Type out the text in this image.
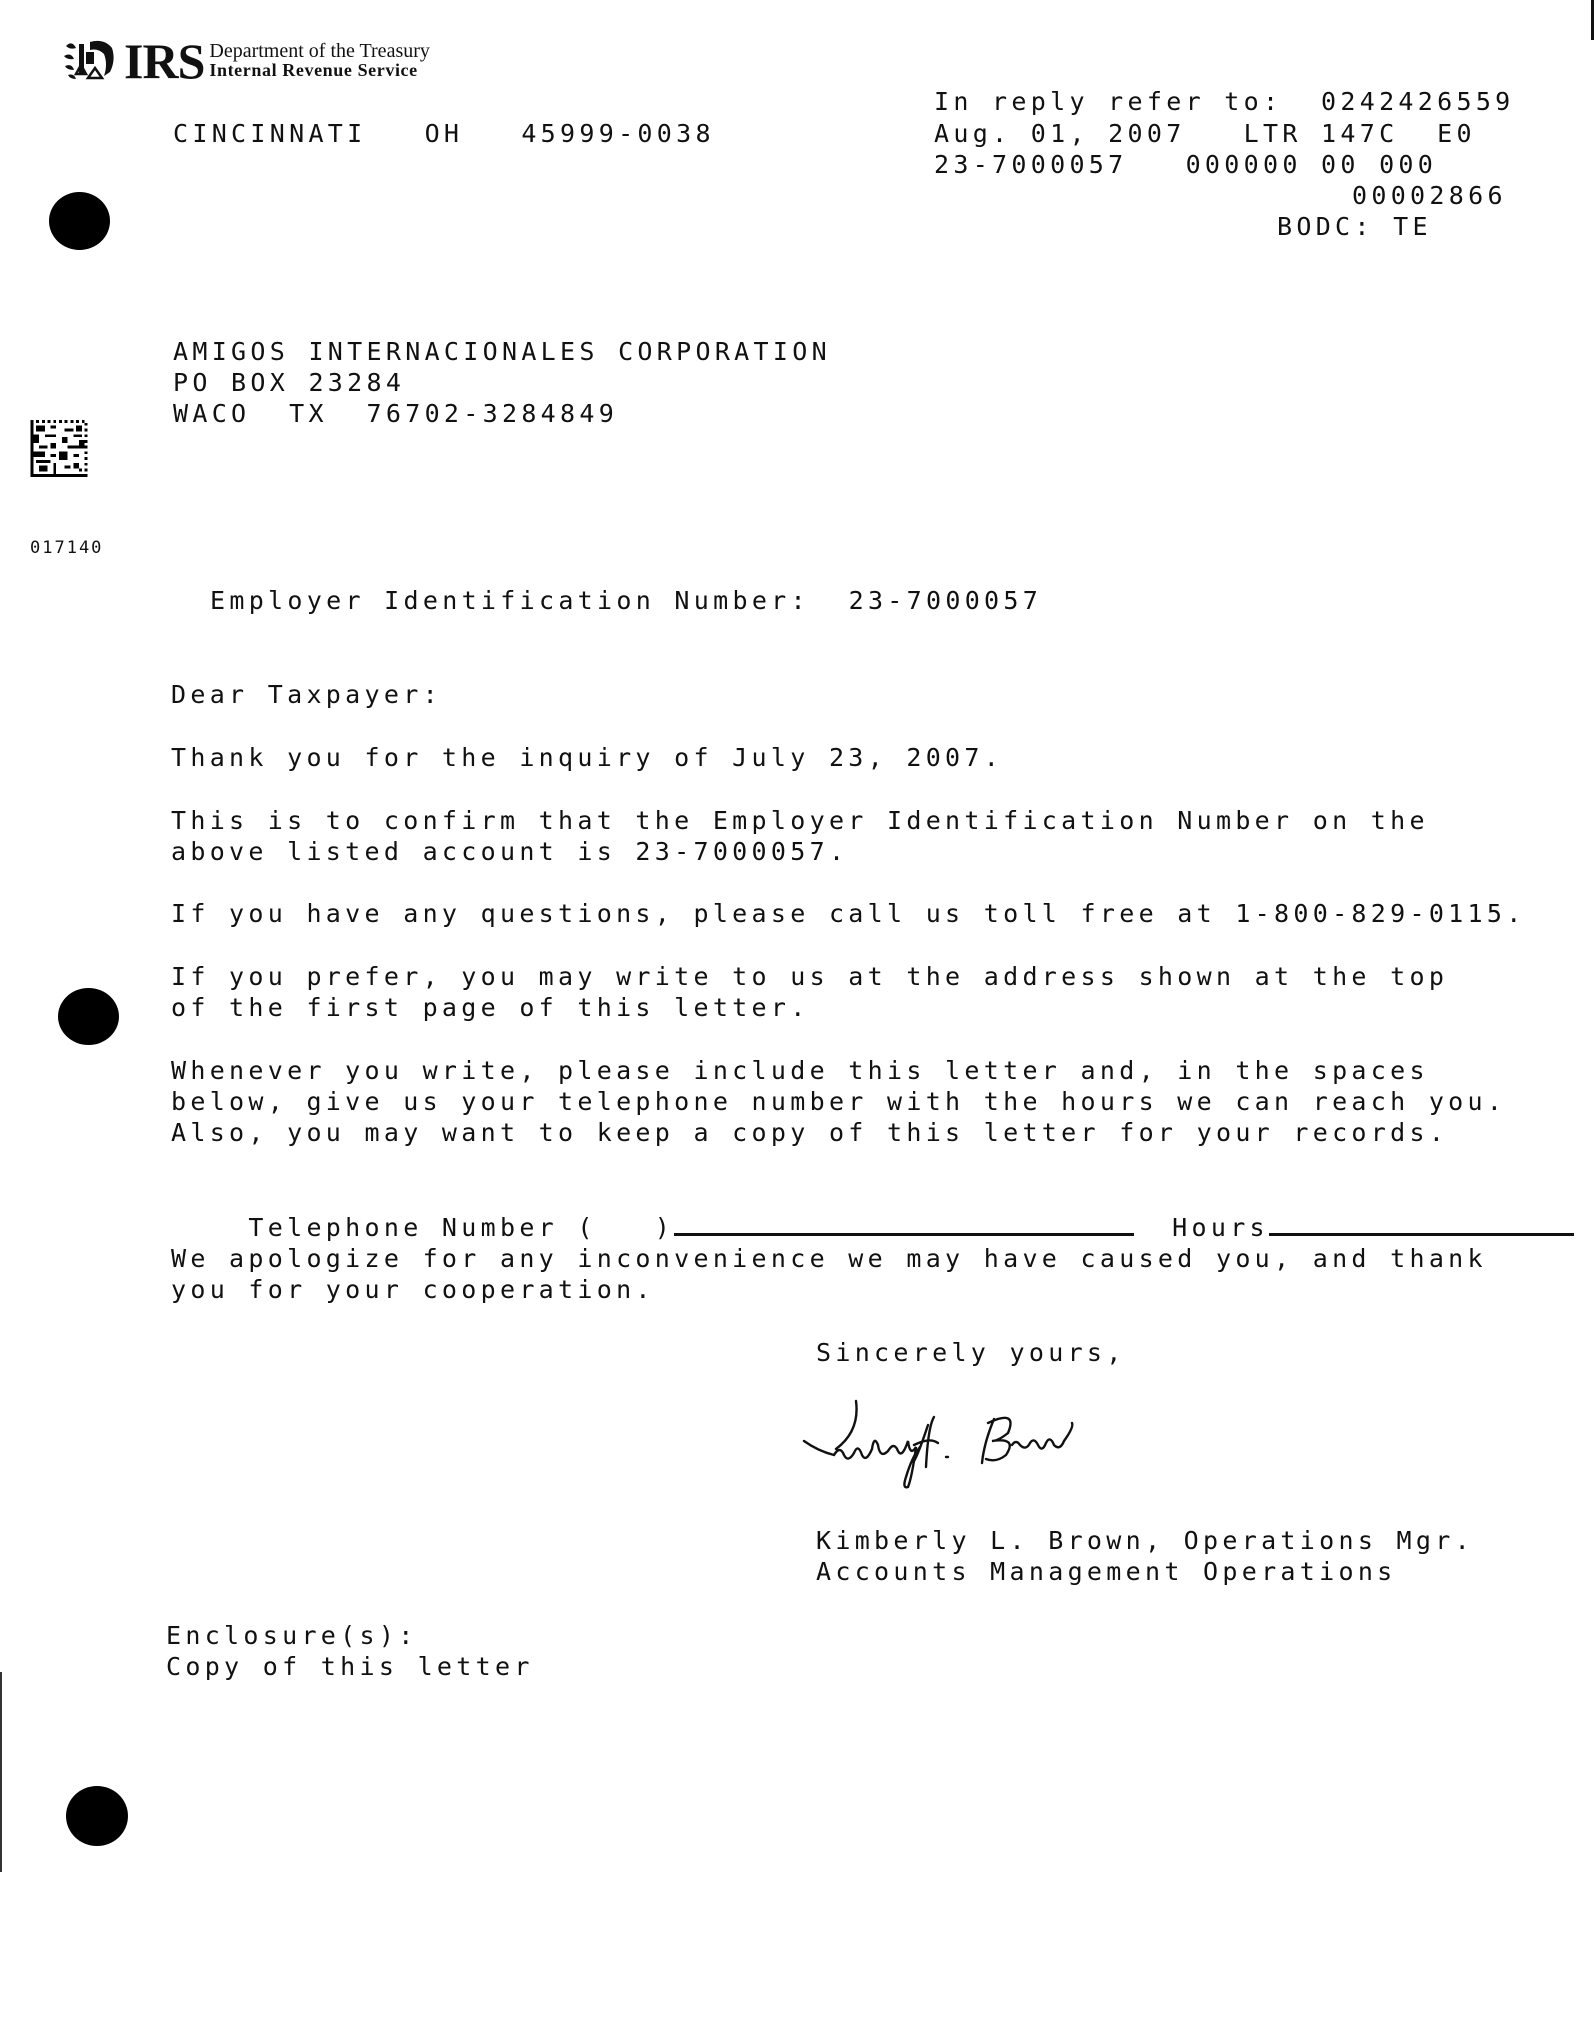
IRS Department of the Treasury
Internal Revenue Service
CINCINNATI   OH   45999-0038
In reply refer to:  0242426559
Aug. 01, 2007   LTR 147C  E0
23-7000057   000000 00 000
00002866
BODC: TE
AMIGOS INTERNACIONALES CORPORATION
PO BOX 23284
WACO  TX  76702-3284849
017140
Employer Identification Number:  23-7000057
Dear Taxpayer:
Thank you for the inquiry of July 23, 2007.
This is to confirm that the Employer Identification Number on the
above listed account is 23-7000057.
If you have any questions, please call us toll free at 1-800-829-0115.
If you prefer, you may write to us at the address shown at the top
of the first page of this letter.
Whenever you write, please include this letter and, in the spaces
below, give us your telephone number with the hours we can reach you.
Also, you may want to keep a copy of this letter for your records.

Telephone Number (   )	Hours

We apologize for any inconvenience we may have caused you, and thank
you for your cooperation.
Sincerely yours,
Kimberly L. Brown, Operations Mgr.
Accounts Management Operations
Enclosure(s):
Copy of this letter
